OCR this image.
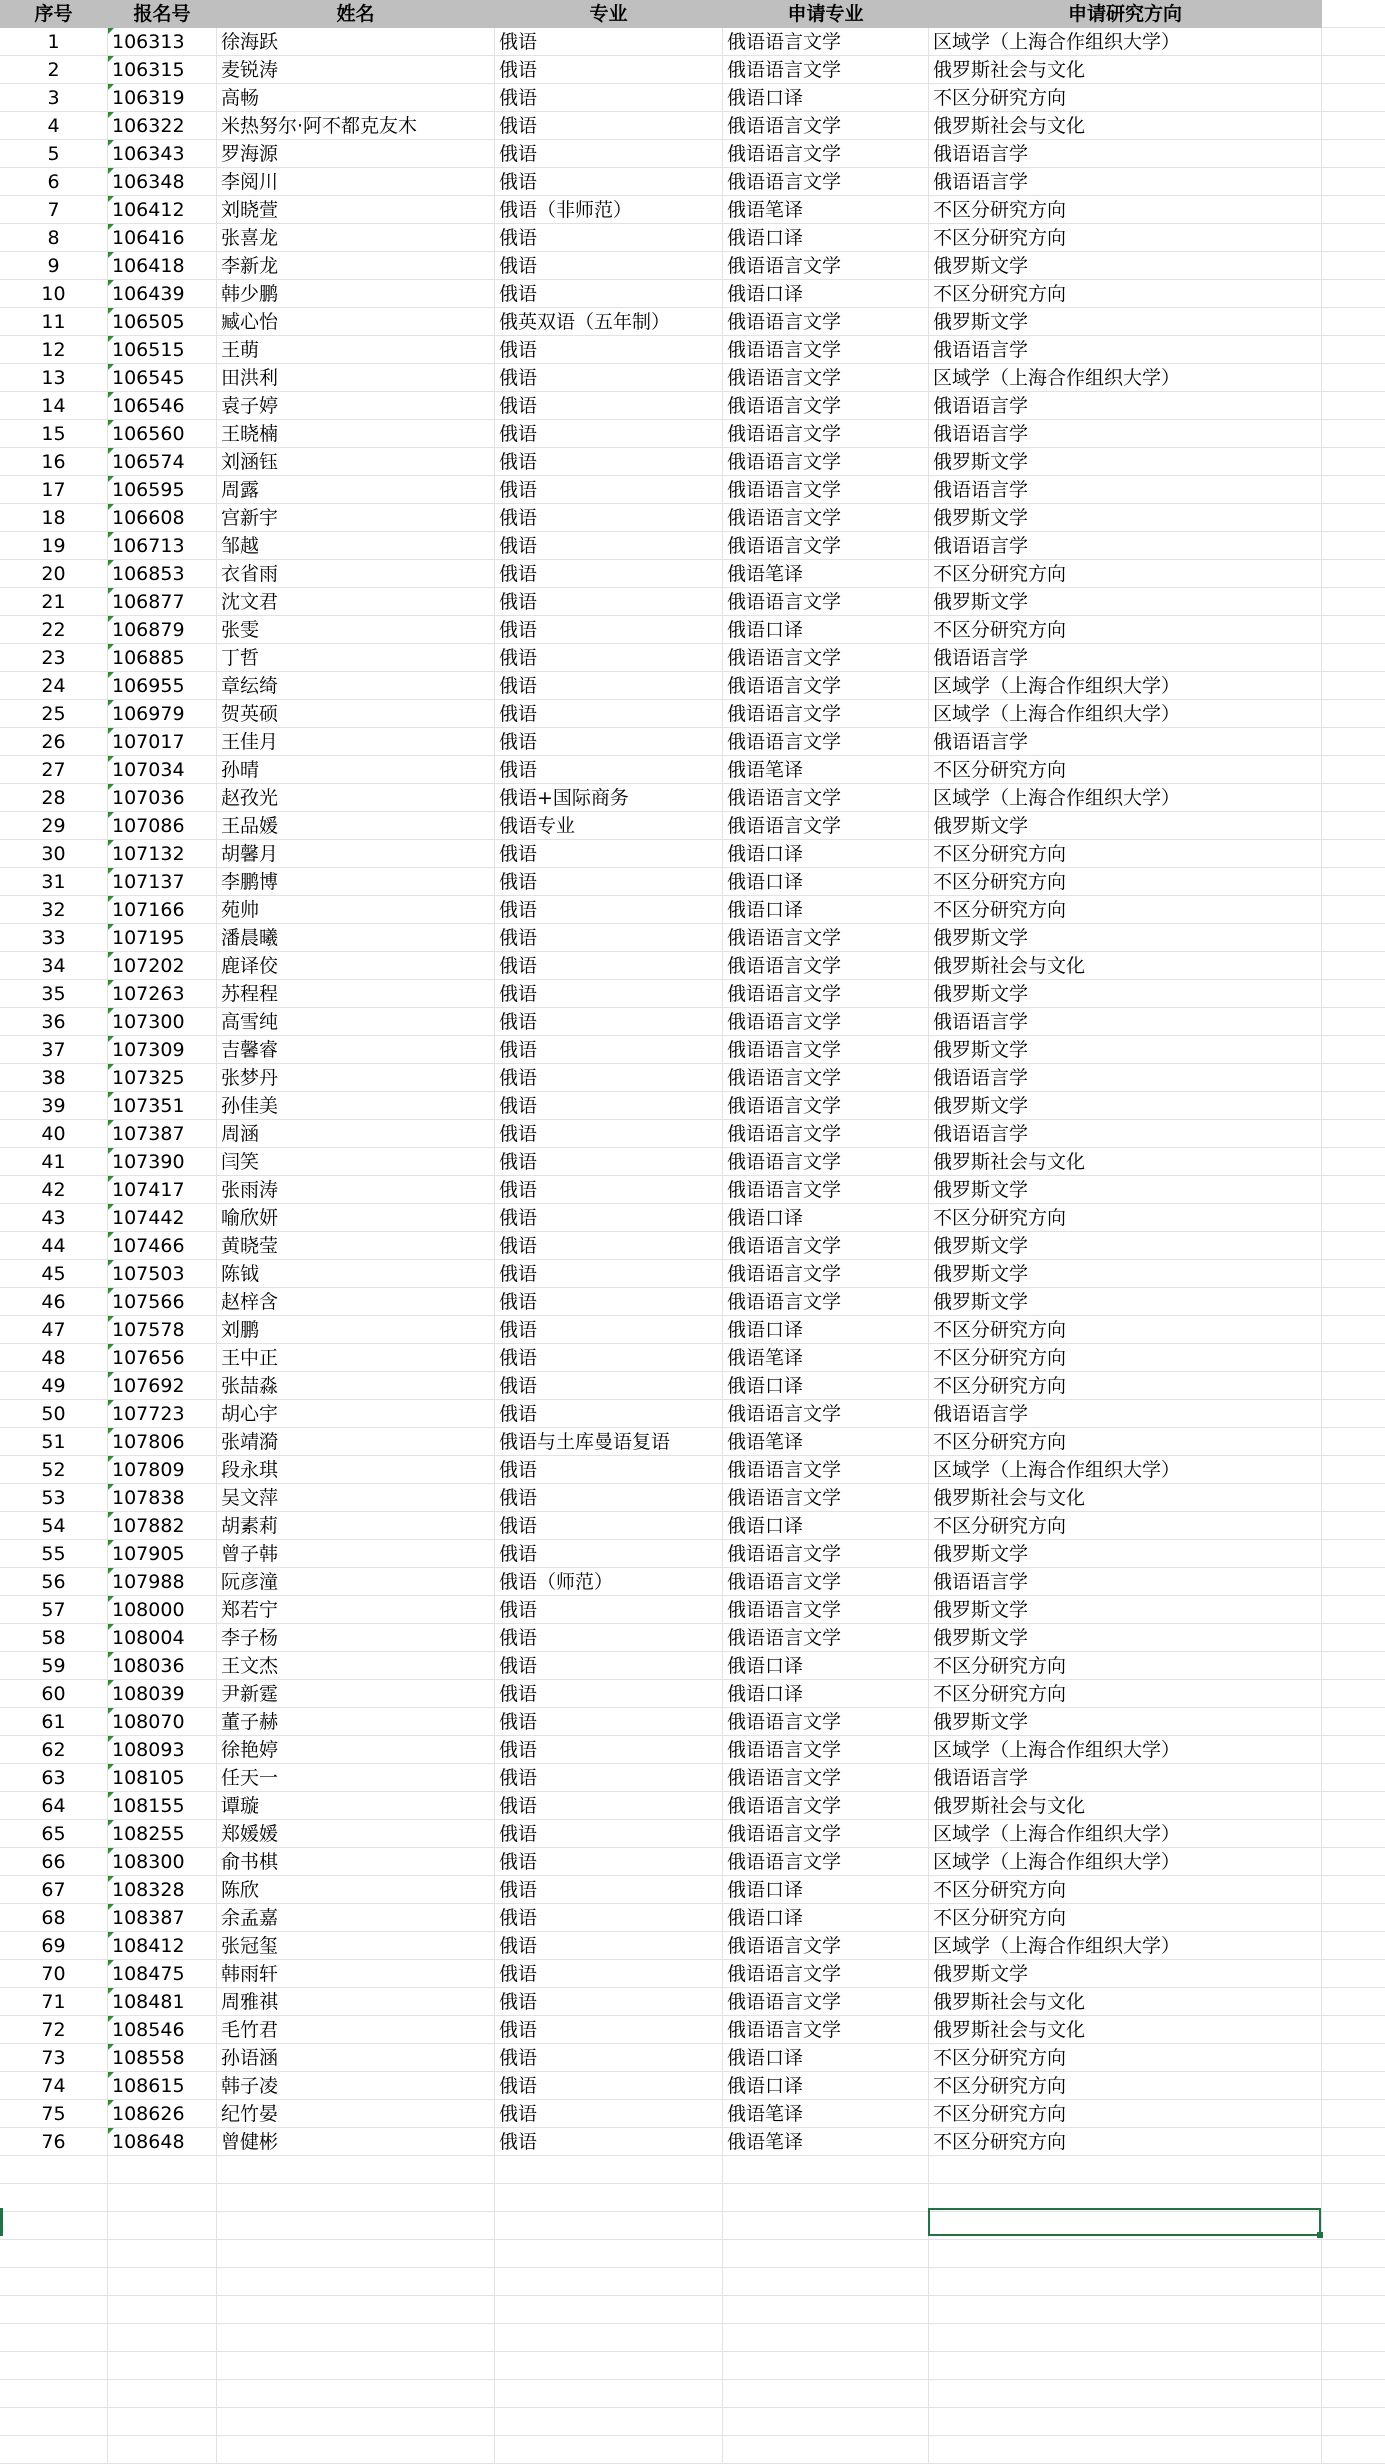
序号	报名号	姓名	专业	申请专业	申请研究方向
1	106313	徐海跃	俄语	俄语语言文学	区域学（上海合作组织大学）
2	106315	麦锐涛	俄语	俄语语言文学	俄罗斯社会与文化
3	106319	高畅	俄语	俄语口译	不区分研究方向
4	106322	米热努尔·阿不都克友木	俄语	俄语语言文学	俄罗斯社会与文化
5	106343	罗海源	俄语	俄语语言文学	俄语语言学
6	106348	李阅川	俄语	俄语语言文学	俄语语言学
7	106412	刘晓萱	俄语（非师范）	俄语笔译	不区分研究方向
8	106416	张喜龙	俄语	俄语口译	不区分研究方向
9	106418	李新龙	俄语	俄语语言文学	俄罗斯文学
10	106439	韩少鹏	俄语	俄语口译	不区分研究方向
11	106505	臧心怡	俄英双语（五年制）	俄语语言文学	俄罗斯文学
12	106515	王萌	俄语	俄语语言文学	俄语语言学
13	106545	田洪利	俄语	俄语语言文学	区域学（上海合作组织大学）
14	106546	袁子婷	俄语	俄语语言文学	俄语语言学
15	106560	王晓楠	俄语	俄语语言文学	俄语语言学
16	106574	刘涵钰	俄语	俄语语言文学	俄罗斯文学
17	106595	周露	俄语	俄语语言文学	俄语语言学
18	106608	宫新宇	俄语	俄语语言文学	俄罗斯文学
19	106713	邹越	俄语	俄语语言文学	俄语语言学
20	106853	衣省雨	俄语	俄语笔译	不区分研究方向
21	106877	沈文君	俄语	俄语语言文学	俄罗斯文学
22	106879	张雯	俄语	俄语口译	不区分研究方向
23	106885	丁哲	俄语	俄语语言文学	俄语语言学
24	106955	章纭绮	俄语	俄语语言文学	区域学（上海合作组织大学）
25	106979	贺英硕	俄语	俄语语言文学	区域学（上海合作组织大学）
26	107017	王佳月	俄语	俄语语言文学	俄语语言学
27	107034	孙晴	俄语	俄语笔译	不区分研究方向
28	107036	赵孜光	俄语+国际商务	俄语语言文学	区域学（上海合作组织大学）
29	107086	王品媛	俄语专业	俄语语言文学	俄罗斯文学
30	107132	胡馨月	俄语	俄语口译	不区分研究方向
31	107137	李鹏博	俄语	俄语口译	不区分研究方向
32	107166	苑帅	俄语	俄语口译	不区分研究方向
33	107195	潘晨曦	俄语	俄语语言文学	俄罗斯文学
34	107202	鹿译佼	俄语	俄语语言文学	俄罗斯社会与文化
35	107263	苏程程	俄语	俄语语言文学	俄罗斯文学
36	107300	高雪纯	俄语	俄语语言文学	俄语语言学
37	107309	吉馨睿	俄语	俄语语言文学	俄罗斯文学
38	107325	张梦丹	俄语	俄语语言文学	俄语语言学
39	107351	孙佳美	俄语	俄语语言文学	俄罗斯文学
40	107387	周涵	俄语	俄语语言文学	俄语语言学
41	107390	闫笑	俄语	俄语语言文学	俄罗斯社会与文化
42	107417	张雨涛	俄语	俄语语言文学	俄罗斯文学
43	107442	喻欣妍	俄语	俄语口译	不区分研究方向
44	107466	黄晓莹	俄语	俄语语言文学	俄罗斯文学
45	107503	陈钺	俄语	俄语语言文学	俄罗斯文学
46	107566	赵梓含	俄语	俄语语言文学	俄罗斯文学
47	107578	刘鹏	俄语	俄语口译	不区分研究方向
48	107656	王中正	俄语	俄语笔译	不区分研究方向
49	107692	张喆淼	俄语	俄语口译	不区分研究方向
50	107723	胡心宇	俄语	俄语语言文学	俄语语言学
51	107806	张靖漪	俄语与土库曼语复语	俄语笔译	不区分研究方向
52	107809	段永琪	俄语	俄语语言文学	区域学（上海合作组织大学）
53	107838	吴文萍	俄语	俄语语言文学	俄罗斯社会与文化
54	107882	胡素莉	俄语	俄语口译	不区分研究方向
55	107905	曾子韩	俄语	俄语语言文学	俄罗斯文学
56	107988	阮彦潼	俄语（师范）	俄语语言文学	俄语语言学
57	108000	郑若宁	俄语	俄语语言文学	俄罗斯文学
58	108004	李子杨	俄语	俄语语言文学	俄罗斯文学
59	108036	王文杰	俄语	俄语口译	不区分研究方向
60	108039	尹新霆	俄语	俄语口译	不区分研究方向
61	108070	董子赫	俄语	俄语语言文学	俄罗斯文学
62	108093	徐艳婷	俄语	俄语语言文学	区域学（上海合作组织大学）
63	108105	任天一	俄语	俄语语言文学	俄语语言学
64	108155	谭璇	俄语	俄语语言文学	俄罗斯社会与文化
65	108255	郑媛媛	俄语	俄语语言文学	区域学（上海合作组织大学）
66	108300	俞书棋	俄语	俄语语言文学	区域学（上海合作组织大学）
67	108328	陈欣	俄语	俄语口译	不区分研究方向
68	108387	余孟嘉	俄语	俄语口译	不区分研究方向
69	108412	张冠玺	俄语	俄语语言文学	区域学（上海合作组织大学）
70	108475	韩雨轩	俄语	俄语语言文学	俄罗斯文学
71	108481	周雅祺	俄语	俄语语言文学	俄罗斯社会与文化
72	108546	毛竹君	俄语	俄语语言文学	俄罗斯社会与文化
73	108558	孙语涵	俄语	俄语口译	不区分研究方向
74	108615	韩子凌	俄语	俄语口译	不区分研究方向
75	108626	纪竹晏	俄语	俄语笔译	不区分研究方向
76	108648	曾健彬	俄语	俄语笔译	不区分研究方向
